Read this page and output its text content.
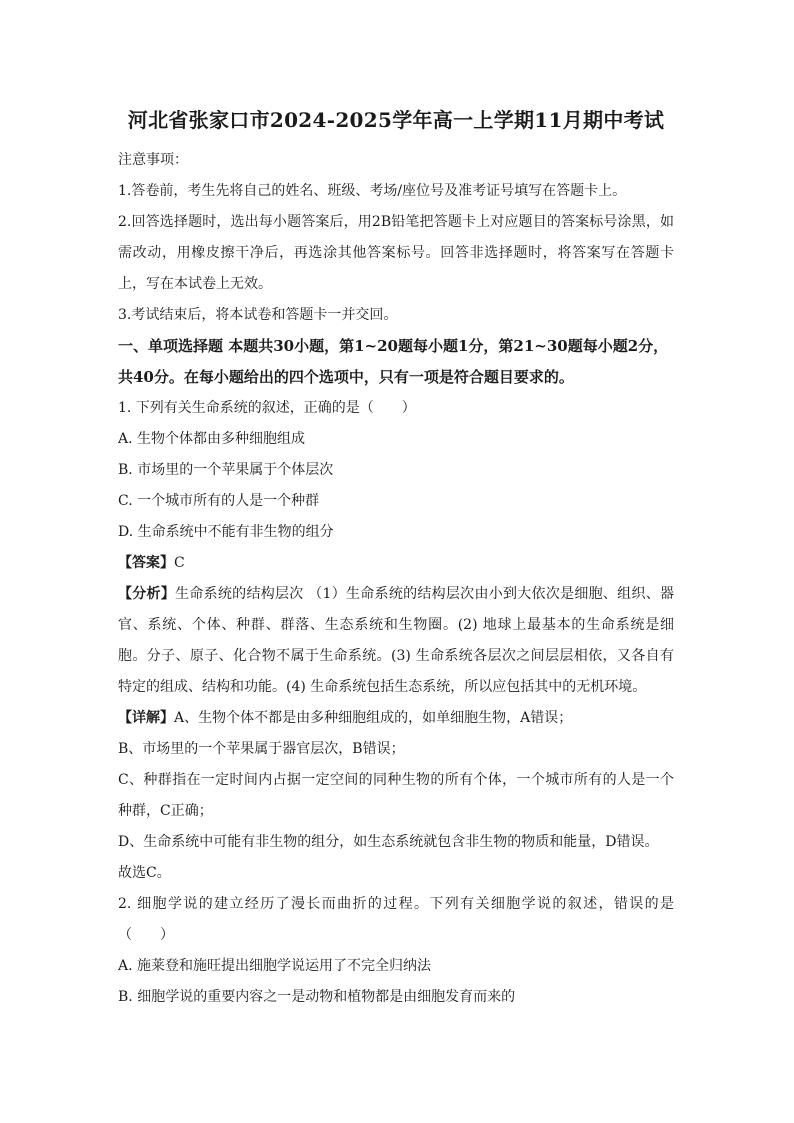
河北省张家口市2024-2025学年高一上学期11月期中考试

注意事项：

1.答卷前，考生先将自己的姓名、班级、考场/座位号及准考证号填写在答题卡上。

2.回答选择题时，选出每小题答案后，用2B铅笔把答题卡上对应题目的答案标号涂黑，如需改动，用橡皮擦干净后，再选涂其他答案标号。回答非选择题时，将答案写在答题卡上，写在本试卷上无效。

3.考试结束后，将本试卷和答题卡一并交回。

一、单项选择题 本题共30小题，第1~20题每小题1分，第21~30题每小题2分，共40分。在每小题给出的四个选项中，只有一项是符合题目要求的。

1. 下列有关生命系统的叙述，正确的是（　　）

A. 生物个体都由多种细胞组成

B. 市场里的一个苹果属于个体层次

C. 一个城市所有的人是一个种群

D. 生命系统中不能有非生物的组分

【答案】C

【分析】生命系统的结构层次 （1）生命系统的结构层次由小到大依次是细胞、组织、器官、系统、个体、种群、群落、生态系统和生物圈。(2) 地球上最基本的生命系统是细胞。分子、原子、化合物不属于生命系统。(3) 生命系统各层次之间层层相依，又各自有特定的组成、结构和功能。(4) 生命系统包括生态系统，所以应包括其中的无机环境。

【详解】A、生物个体不都是由多种细胞组成的，如单细胞生物，A错误；

B、市场里的一个苹果属于器官层次，B错误；

C、种群指在一定时间内占据一定空间的同种生物的所有个体，一个城市所有的人是一个种群，C正确；

D、生命系统中可能有非生物的组分，如生态系统就包含非生物的物质和能量，D错误。

故选C。

2. 细胞学说的建立经历了漫长而曲折的过程。下列有关细胞学说的叙述，错误的是（　　）

A. 施莱登和施旺提出细胞学说运用了不完全归纳法

B. 细胞学说的重要内容之一是动物和植物都是由细胞发育而来的
